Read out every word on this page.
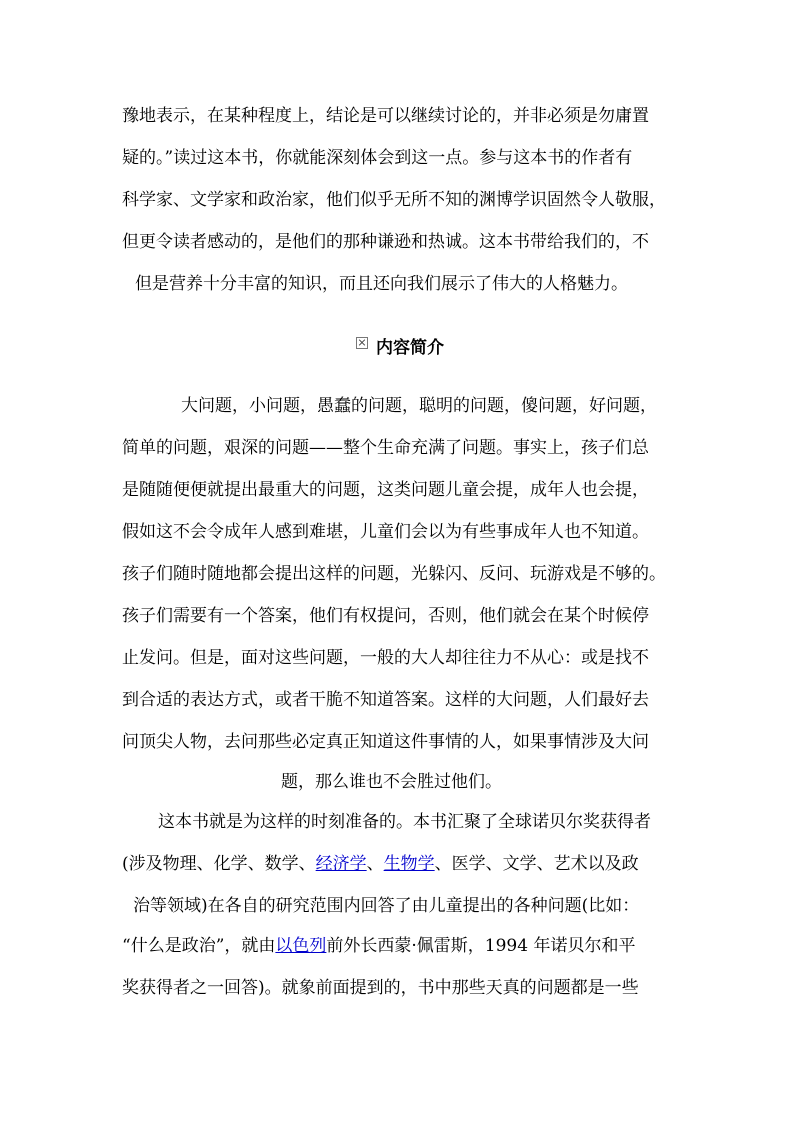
豫地表示，在某种程度上，结论是可以继续讨论的，并非必须是勿庸置
疑的。”读过这本书，你就能深刻体会到这一点。参与这本书的作者有
科学家、文学家和政治家，他们似乎无所不知的渊博学识固然令人敬服，
但更令读者感动的，是他们的那种谦逊和热诚。这本书带给我们的，不
但是营养十分丰富的知识，而且还向我们展示了伟大的人格魅力。
内容简介
大问题，小问题，愚蠢的问题，聪明的问题，傻问题，好问题，
简单的问题，艰深的问题——整个生命充满了问题。事实上，孩子们总
是随随便便就提出最重大的问题，这类问题儿童会提，成年人也会提，
假如这不会令成年人感到难堪，儿童们会以为有些事成年人也不知道。
孩子们随时随地都会提出这样的问题，光躲闪、反问、玩游戏是不够的。
孩子们需要有一个答案，他们有权提问，否则，他们就会在某个时候停
止发问。但是，面对这些问题，一般的大人却往往力不从心：或是找不
到合适的表达方式，或者干脆不知道答案。这样的大问题，人们最好去
问顶尖人物，去问那些必定真正知道这件事情的人，如果事情涉及大问
题，那么谁也不会胜过他们。
这本书就是为这样的时刻准备的。本书汇聚了全球诺贝尔奖获得者
(涉及物理、化学、数学、经济学、生物学、医学、文学、艺术以及政
治等领域)在各自的研究范围内回答了由儿童提出的各种问题(比如：
“什么是政治”，就由以色列前外长西蒙·佩雷斯，1994 年诺贝尔和平
奖获得者之一回答)。就象前面提到的，书中那些天真的问题都是一些
